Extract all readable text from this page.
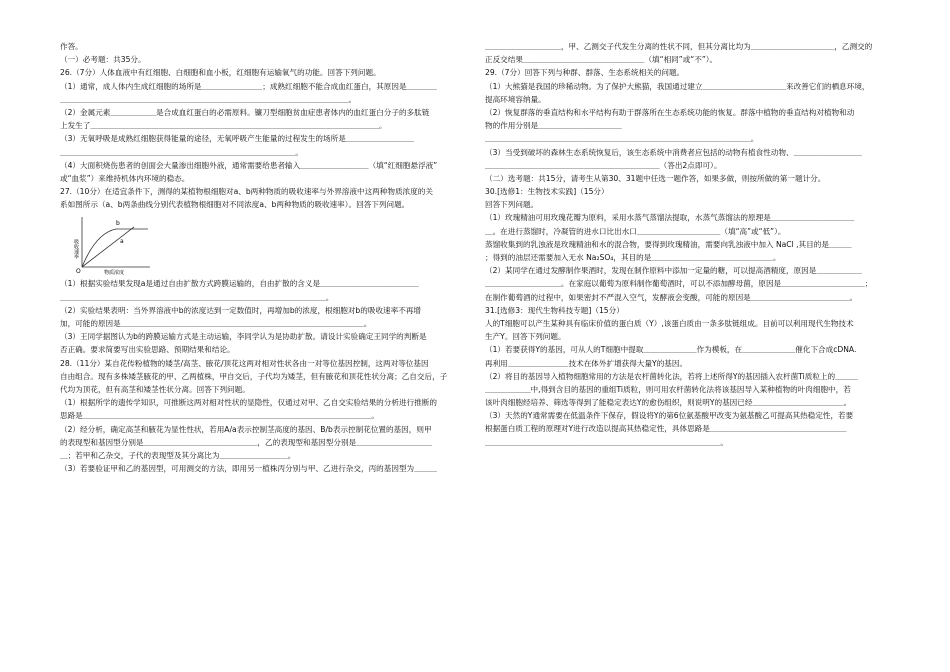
作答。

（一）必考题：共35分。

26.（7分）人体血液中有红细胞、白细胞和血小板，红细胞有运输氧气的功能。回答下列问题。

（1）通常，成人体内生成红细胞的场所是＿＿＿＿＿＿＿＿；成熟红细胞不能合成血红蛋白，其原因是＿＿＿＿

＿＿＿＿＿＿＿＿＿＿＿＿＿＿＿＿＿＿＿＿＿＿＿＿＿＿＿＿＿＿＿＿＿＿＿＿＿＿。

（2）金属元素＿＿＿＿＿＿是合成血红蛋白的必需原料。镰刀型细胞贫血症患者体内的血红蛋白分子的多肽链

上发生了＿＿＿＿＿＿＿＿＿＿＿＿＿＿＿＿＿＿＿＿＿＿＿＿＿＿＿＿＿＿＿＿＿＿＿＿＿＿。

（3）无氧呼吸是成熟红细胞获得能量的途径，无氧呼吸产生能量的过程发生的场所是＿＿＿＿＿＿＿＿＿

＿＿＿＿＿＿＿＿＿＿＿＿＿＿＿＿＿＿＿＿＿＿＿＿＿＿＿＿＿＿＿。

（4）大面积烧伤患者的创面会大量渗出细胞外液，通常需要给患者输入＿＿＿＿＿＿＿＿＿（填“红细胞悬浮液”

或“血浆”）来维持机体内环境的稳态。

27.（10分）在适宜条件下，测得的某植物根细胞对a、b两种物质的吸收速率与外界溶液中这两种物质浓度的关

系如图所示（a、b两条曲线分别代表植物根细胞对不同浓度a、b两种物质的吸收速率）。回答下列问题。

O
b
a
物质浓度
吸收速率

（1）根据实验结果发现a是通过自由扩散方式跨膜运输的，自由扩散的含义是＿＿＿＿＿＿＿＿＿＿＿＿＿

＿＿＿＿＿＿＿＿＿＿＿＿＿＿＿＿＿＿＿＿＿＿＿＿＿＿＿＿＿＿＿＿＿＿＿。

（2）实验结果表明：当外界溶液中b的浓度达到一定数值时，再增加b的浓度，根细胞对b的吸收速率不再增

加，可能的原因是＿＿＿＿＿＿＿＿＿＿＿＿＿＿＿＿＿＿＿＿＿＿＿＿＿＿＿＿＿＿＿＿。

（3）王同学据图认为b的跨膜运输方式是主动运输，李同学认为是协助扩散。请设计实验确定王同学的判断是

否正确。要求简要写出实验思路、预期结果和结论。

28.（11分）某自花传粉植物的矮茎/高茎、腋花/顶花这两对相对性状各由一对等位基因控制，这两对等位基因

自由组合。现有多株矮茎腋花的甲、乙两植株，甲自交后，子代均为矮茎，但有腋花和顶花性状分离；乙自交后，子

代均为顶花，但有高茎和矮茎性状分离。回答下列问题。

（1）根据所学的遗传学知识，可推断这两对相对性状的显隐性，仅通过对甲、乙自交实验结果的分析进行推断的

思路是＿＿＿＿＿＿＿＿＿＿＿＿＿＿＿＿＿＿＿＿＿＿＿＿＿＿＿＿＿＿＿＿＿＿＿＿＿＿。

（2）经分析，确定高茎和腋花为显性性状，若用A/a表示控制茎高度的基因、B/b表示控制花位置的基因，则甲

的表现型和基因型分别是＿＿＿＿＿＿＿＿＿＿＿＿＿＿＿，乙的表现型和基因型分别是＿＿＿＿＿＿＿＿＿＿

＿；若甲和乙杂交，子代的表现型及其分离比为＿＿＿＿＿＿＿＿＿。

（3）若要验证甲和乙的基因型，可用测交的方法，即用另一植株丙分别与甲、乙进行杂交，丙的基因型为＿＿＿

＿＿＿＿＿＿＿＿＿＿，甲、乙测交子代发生分离的性状不同，但其分离比均为＿＿＿＿＿＿＿＿＿＿＿，乙测交的

正反交结果＿＿＿＿＿＿＿＿＿＿＿＿＿＿＿＿（填“相同”或“不”）。

29.（7分）回答下列与种群、群落、生态系统相关的问题。

（1）大熊猫是我国的珍稀动物。为了保护大熊猫，我国通过建立＿＿＿＿＿＿＿＿＿＿＿来改善它们的栖息环境，

提高环境容纳量。

（2）恢复群落的垂直结构和水平结构有助于群落所在生态系统功能的恢复。群落中植物的垂直结构对植物和动

物的作用分别是＿＿＿＿＿＿＿＿＿＿＿

＿＿＿＿＿＿＿＿＿＿＿＿＿＿＿＿＿＿＿＿＿＿＿＿＿＿＿＿＿＿＿＿＿＿＿。

（3）当受到破坏的森林生态系统恢复后，该生态系统中消费者应包括的动物有植食性动物、＿＿＿＿＿＿＿＿＿

＿＿＿＿＿＿＿＿＿＿＿＿＿＿＿＿＿＿＿＿＿＿＿（答出2点即可）。

（二）选考题：共15分，请考生从第30、31题中任选一题作答，如果多做，则按所做的第一题计分。

30.[选修1：生物技术实践]（15分）

回答下列问题。

（1）玫瑰精油可用玫瑰花瓣为原料，采用水蒸气蒸馏法提取，水蒸气蒸馏法的原理是＿＿＿＿＿＿＿＿＿＿＿

＿。在进行蒸馏时，冷凝管的进水口比出水口＿＿＿＿＿＿＿＿＿＿＿（填“高”或“低”）。

蒸馏收集到的乳浊液是玫瑰精油和水的混合物，要得到玫瑰精油，需要向乳浊液中加入 NaCl ,其目的是＿＿＿

；得到的油层还需要加入无水 Na₂SO₄，其目的是＿＿＿＿＿＿＿＿＿＿＿＿＿＿＿＿。

（2）某同学在通过发酵制作果酒时，发现在制作原料中添加一定量的糖，可以提高酒精度，原因是＿＿＿＿＿＿

＿＿＿＿＿＿＿＿＿＿。在家庭以葡萄为原料制作葡萄酒时，可以不添加酵母菌，原因是＿＿＿＿＿＿＿＿＿＿＿；

在制作葡萄酒的过程中，如果密封不严混入空气，发酵液会变酸，可能的原因是＿＿＿＿＿＿＿＿＿＿＿＿＿。

31.[选修3：现代生物科技专题]（15分）

人的T细胞可以产生某种具有临床价值的蛋白质（Y）,该蛋白质由一条多肽链组成。目前可以利用现代生物技术

生产Y。回答下列问题。

（1）若要获得Y的基因，可从人的T细胞中提取＿＿＿＿＿＿＿作为模板，在＿＿＿＿＿＿＿催化下合成cDNA.

再利用＿＿＿＿＿＿＿＿技术在体外扩增获得大量Y的基因。

（2）将目的基因导入植物细胞常用的方法是农杆菌转化法，若将上述所得Y的基因插入农杆菌Ti质粒上的＿＿＿

＿＿＿＿＿＿中,得到含目的基因的重组Ti质粒，则可用农杆菌转化法将该基因导入某种植物的叶肉细胞中，若

该叶肉细胞经培养、筛选等得到了能稳定表达Y的愈伤组织，则说明Y的基因已经＿＿＿＿＿＿＿＿＿＿＿＿。

（3）天然的Y通常需要在低温条件下保存，假设将Y的第6位氨基酸甲改变为氨基酸乙可提高其热稳定性，若要

根据蛋白质工程的原理对Y进行改造以提高其热稳定性，具体思路是＿＿＿＿＿＿＿＿＿＿＿＿＿＿＿＿＿＿

＿＿＿＿＿＿＿＿＿＿＿＿＿＿＿＿＿＿＿＿＿＿＿＿＿＿＿＿＿＿＿。
